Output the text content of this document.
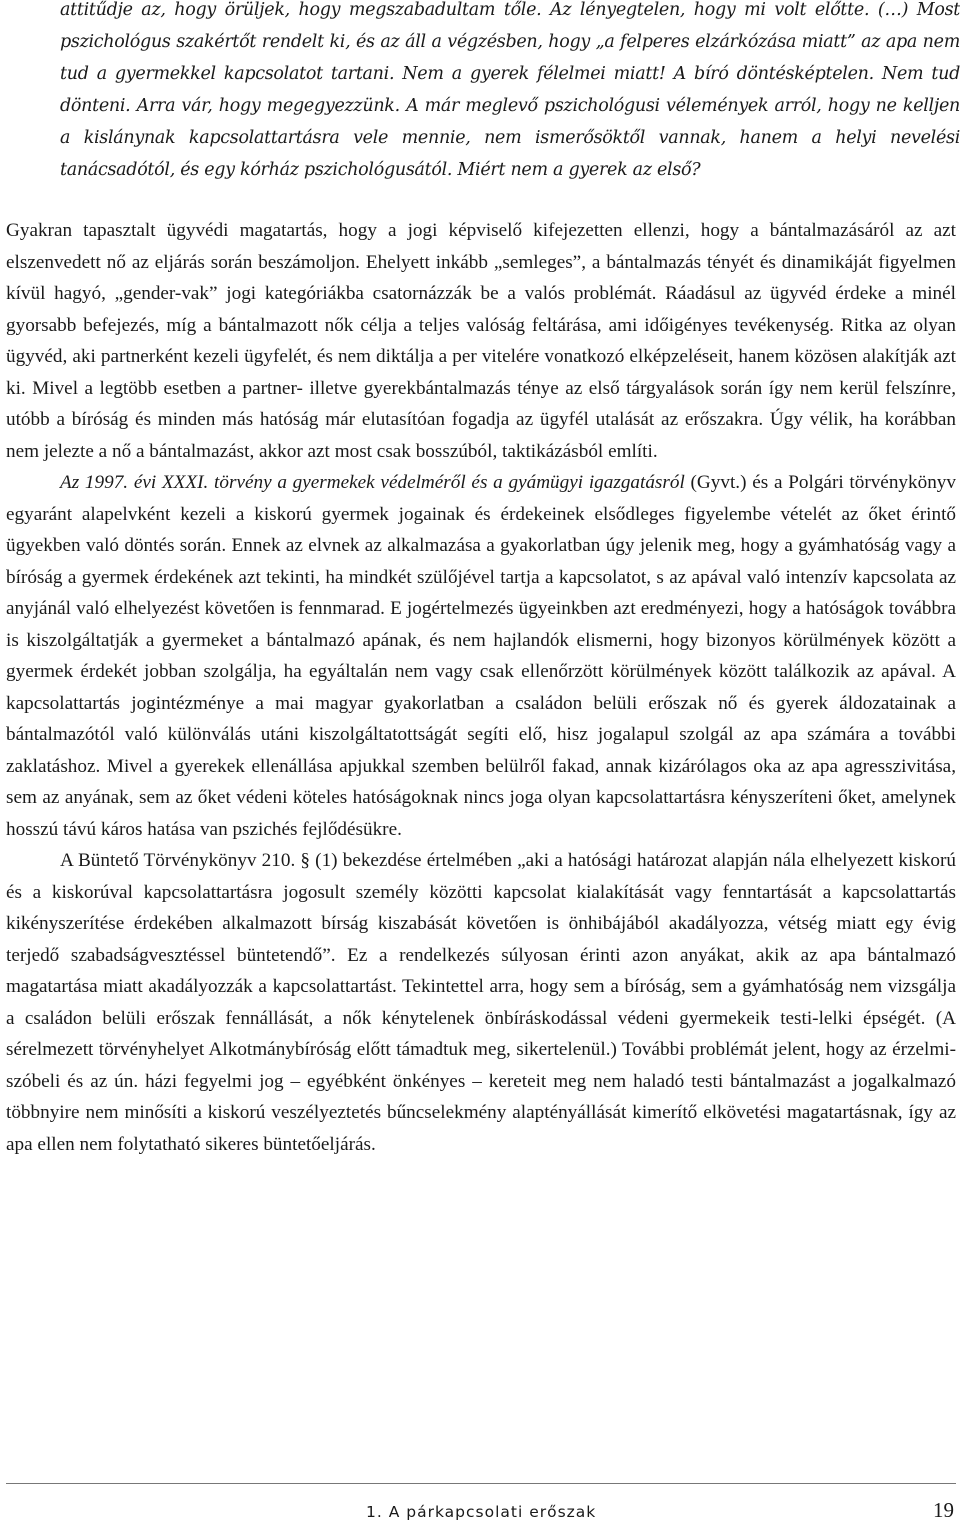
attitűdje az, hogy örüljek, hogy megszabadultam tőle. Az lényegtelen, hogy mi volt előtte. (…) Most pszichológus szakértőt rendelt ki, és az áll a végzésben, hogy „a felperes elzárkózása miatt” az apa nem tud a gyermekkel kapcsolatot tartani. Nem a gyerek félelmei miatt! A bíró döntésképtelen. Nem tud dönteni. Arra vár, hogy megegyezzünk. A már meglevő pszichológusi vélemények arról, hogy ne kelljen a kislánynak kapcsolattartásra vele mennie, nem ismerősöktől vannak, hanem a helyi nevelési tanácsadótól, és egy kórház pszichológusától. Miért nem a gyerek az első?

Gyakran tapasztalt ügyvédi magatartás, hogy a jogi képviselő kifejezetten ellenzi, hogy a bántalmazásáról az azt elszenvedett nő az eljárás során beszámoljon. Ehelyett inkább „semleges”, a bántalmazás tényét és dinamikáját figyelmen kívül hagyó, „gender-vak” jogi kategóriákba csatornázzák be a valós problémát. Ráadásul az ügyvéd érdeke a minél gyorsabb befejezés, míg a bántalmazott nők célja a teljes valóság feltárása, ami időigényes tevékenység. Ritka az olyan ügyvéd, aki partnerként kezeli ügyfelét, és nem diktálja a per vitelére vonatkozó elképzeléseit, hanem közösen alakítják azt ki. Mivel a legtöbb esetben a partner- illetve gyerekbántalmazás ténye az első tárgyalások során így nem kerül felszínre, utóbb a bíróság és minden más hatóság már elutasítóan fogadja az ügyfél utalását az erőszakra. Úgy vélik, ha korábban nem jelezte a nő a bántalmazást, akkor azt most csak bosszúból, taktikázásból említi.

Az 1997. évi XXXI. törvény a gyermekek védelméről és a gyámügyi igazgatásról (Gyvt.) és a Polgári törvénykönyv egyaránt alapelvként kezeli a kiskorú gyermek jogainak és érdekeinek elsődleges figyelembe vételét az őket érintő ügyekben való döntés során. Ennek az elvnek az alkalmazása a gyakorlatban úgy jelenik meg, hogy a gyámhatóság vagy a bíróság a gyermek érdekének azt tekinti, ha mindkét szülőjével tartja a kapcsolatot, s az apával való intenzív kapcsolata az anyjánál való elhelyezést követően is fennmarad. E jogértelmezés ügyeinkben azt eredményezi, hogy a hatóságok továbbra is kiszolgáltatják a gyermeket a bántalmazó apának, és nem hajlandók elismerni, hogy bizonyos körülmények között a gyermek érdekét jobban szolgálja, ha egyáltalán nem vagy csak ellenőrzött körülmények között találkozik az apával. A kapcsolattartás jogintézménye a mai magyar gyakorlatban a családon belüli erőszak nő és gyerek áldozatainak a bántalmazótól való különválás utáni kiszolgáltatottságát segíti elő, hisz jogalapul szolgál az apa számára a további zaklatáshoz. Mivel a gyerekek ellenállása apjukkal szemben belülről fakad, annak kizárólagos oka az apa agresszivitása, sem az anyának, sem az őket védeni köteles hatóságoknak nincs joga olyan kapcsolattartásra kényszeríteni őket, amelynek hosszú távú káros hatása van pszichés fejlődésükre.

A Büntető Törvénykönyv 210. § (1) bekezdése értelmében „aki a hatósági határozat alapján nála elhelyezett kiskorú és a kiskorúval kapcsolattartásra jogosult személy közötti kapcsolat kialakítását vagy fenntartását a kapcsolattartás kikényszerítése érdekében alkalmazott bírság kiszabását követően is önhibájából akadályozza, vétség miatt egy évig terjedő szabadságvesztéssel büntetendő”. Ez a rendelkezés súlyosan érinti azon anyákat, akik az apa bántalmazó magatartása miatt akadályozzák a kapcsolattartást. Tekintettel arra, hogy sem a bíróság, sem a gyámhatóság nem vizsgálja a családon belüli erőszak fennállását, a nők kénytelenek önbíráskodással védeni gyermekeik testi-lelki épségét. (A sérelmezett törvényhelyet Alkotmánybíróság előtt támadtuk meg, sikertelenül.) További problémát jelent, hogy az érzelmi-szóbeli és az ún. házi fegyelmi jog – egyébként önkényes – kereteit meg nem haladó testi bántalmazást a jogalkalmazó többnyire nem minősíti a kiskorú veszélyeztetés bűncselekmény alaptényállását kimerítő elkövetési magatartásnak, így az apa ellen nem folytatható sikeres büntetőeljárás.

1. A párkapcsolati erőszak	19
